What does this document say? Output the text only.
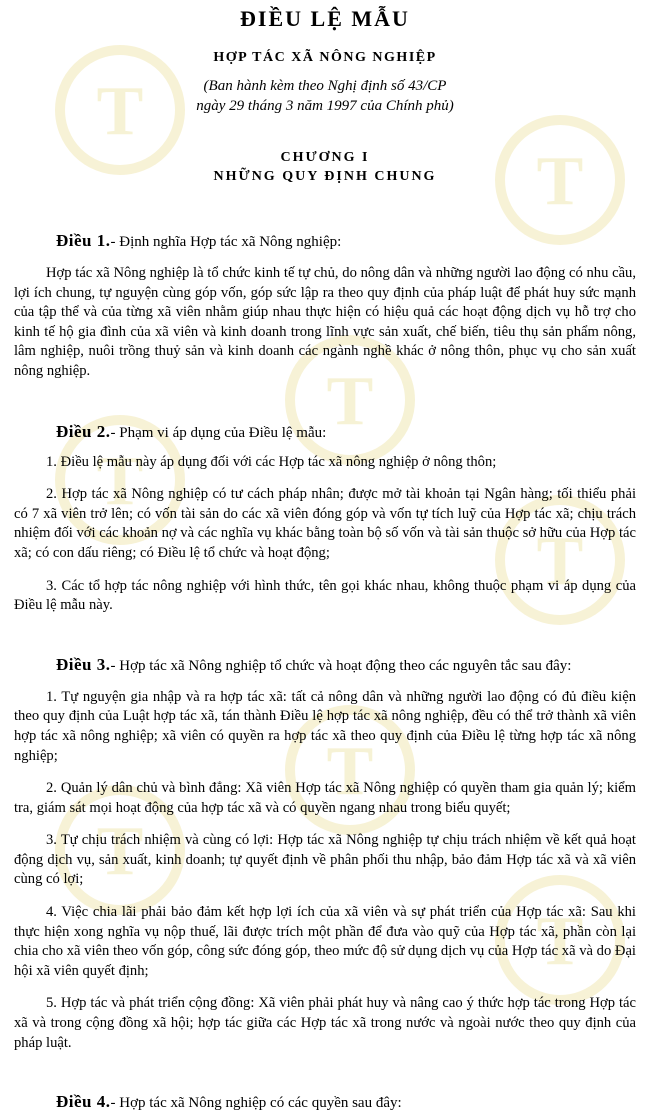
T
T
T
T
T
T
T
T
ĐIỀU LỆ MẪU
HỢP TÁC XÃ NÔNG NGHIỆP
(Ban hành kèm theo Nghị định số 43/CP
ngày 29 tháng 3 năm 1997 của Chính phủ)
CHƯƠNG I
NHỮNG QUY ĐỊNH CHUNG
Điều 1.- Định nghĩa Hợp tác xã Nông nghiệp:

Hợp tác xã Nông nghiệp là tổ chức kinh tế tự chủ, do nông dân và những người lao động có nhu cầu, lợi ích chung, tự nguyện cùng góp vốn, góp sức lập ra theo quy định của pháp luật để phát huy sức mạnh của tập thể và của từng xã viên nhằm giúp nhau thực hiện có hiệu quả các hoạt động dịch vụ hỗ trợ cho kinh tế hộ gia đình của xã viên và kinh doanh trong lĩnh vực sản xuất, chế biến, tiêu thụ sản phẩm nông, lâm nghiệp, nuôi trồng thuỷ sản và kinh doanh các ngành nghề khác ở nông thôn, phục vụ cho sản xuất nông nghiệp.

Điều 2.- Phạm vi áp dụng của Điều lệ mẫu:

1. Điều lệ mẫu này áp dụng đối với các Hợp tác xã nông nghiệp ở nông thôn;

2. Hợp tác xã Nông nghiệp có tư cách pháp nhân; được mở tài khoản tại Ngân hàng; tối thiểu phải có 7 xã viên trở lên; có vốn tài sản do các xã viên đóng góp và vốn tự tích luỹ của Hợp tác xã; chịu trách nhiệm đối với các khoản nợ và các nghĩa vụ khác bằng toàn bộ số vốn và tài sản thuộc sở hữu của Hợp tác xã; có con dấu riêng; có Điều lệ tổ chức và hoạt động;

3. Các tổ hợp tác nông nghiệp với hình thức, tên gọi khác nhau, không thuộc phạm vi áp dụng của Điều lệ mẫu này.

Điều 3.- Hợp tác xã Nông nghiệp tổ chức và hoạt động theo các nguyên tắc sau đây:

1. Tự nguyện gia nhập và ra hợp tác xã: tất cả nông dân và những người lao động có đủ điều kiện theo quy định của Luật hợp tác xã, tán thành Điều lệ hợp tác xã nông nghiệp, đều có thể trở thành xã viên hợp tác xã nông nghiệp; xã viên có quyền ra hợp tác xã theo quy định của Điều lệ từng hợp tác xã nông nghiệp;

2. Quản lý dân chủ và bình đẳng: Xã viên Hợp tác xã Nông nghiệp có quyền tham gia quản lý; kiểm tra, giám sát mọi hoạt động của hợp tác xã và có quyền ngang nhau trong biểu quyết;

3. Tự chịu trách nhiệm và cùng có lợi: Hợp tác xã Nông nghiệp tự chịu trách nhiệm về kết quả hoạt động dịch vụ, sản xuất, kinh doanh; tự quyết định về phân phối thu nhập, bảo đảm Hợp tác xã và xã viên cùng có lợi;

4. Việc chia lãi phải bảo đảm kết hợp lợi ích của xã viên và sự phát triển của Hợp tác xã: Sau khi thực hiện xong nghĩa vụ nộp thuế, lãi được trích một phần để đưa vào quỹ của Hợp tác xã, phần còn lại chia cho xã viên theo vốn góp, công sức đóng góp, theo mức độ sử dụng dịch vụ của Hợp tác xã và do Đại hội xã viên quyết định;

5. Hợp tác và phát triển cộng đồng: Xã viên phải phát huy và nâng cao ý thức hợp tác trong Hợp tác xã và trong cộng đồng xã hội; hợp tác giữa các Hợp tác xã trong nước và ngoài nước theo quy định của pháp luật.

Điều 4.- Hợp tác xã Nông nghiệp có các quyền sau đây:
